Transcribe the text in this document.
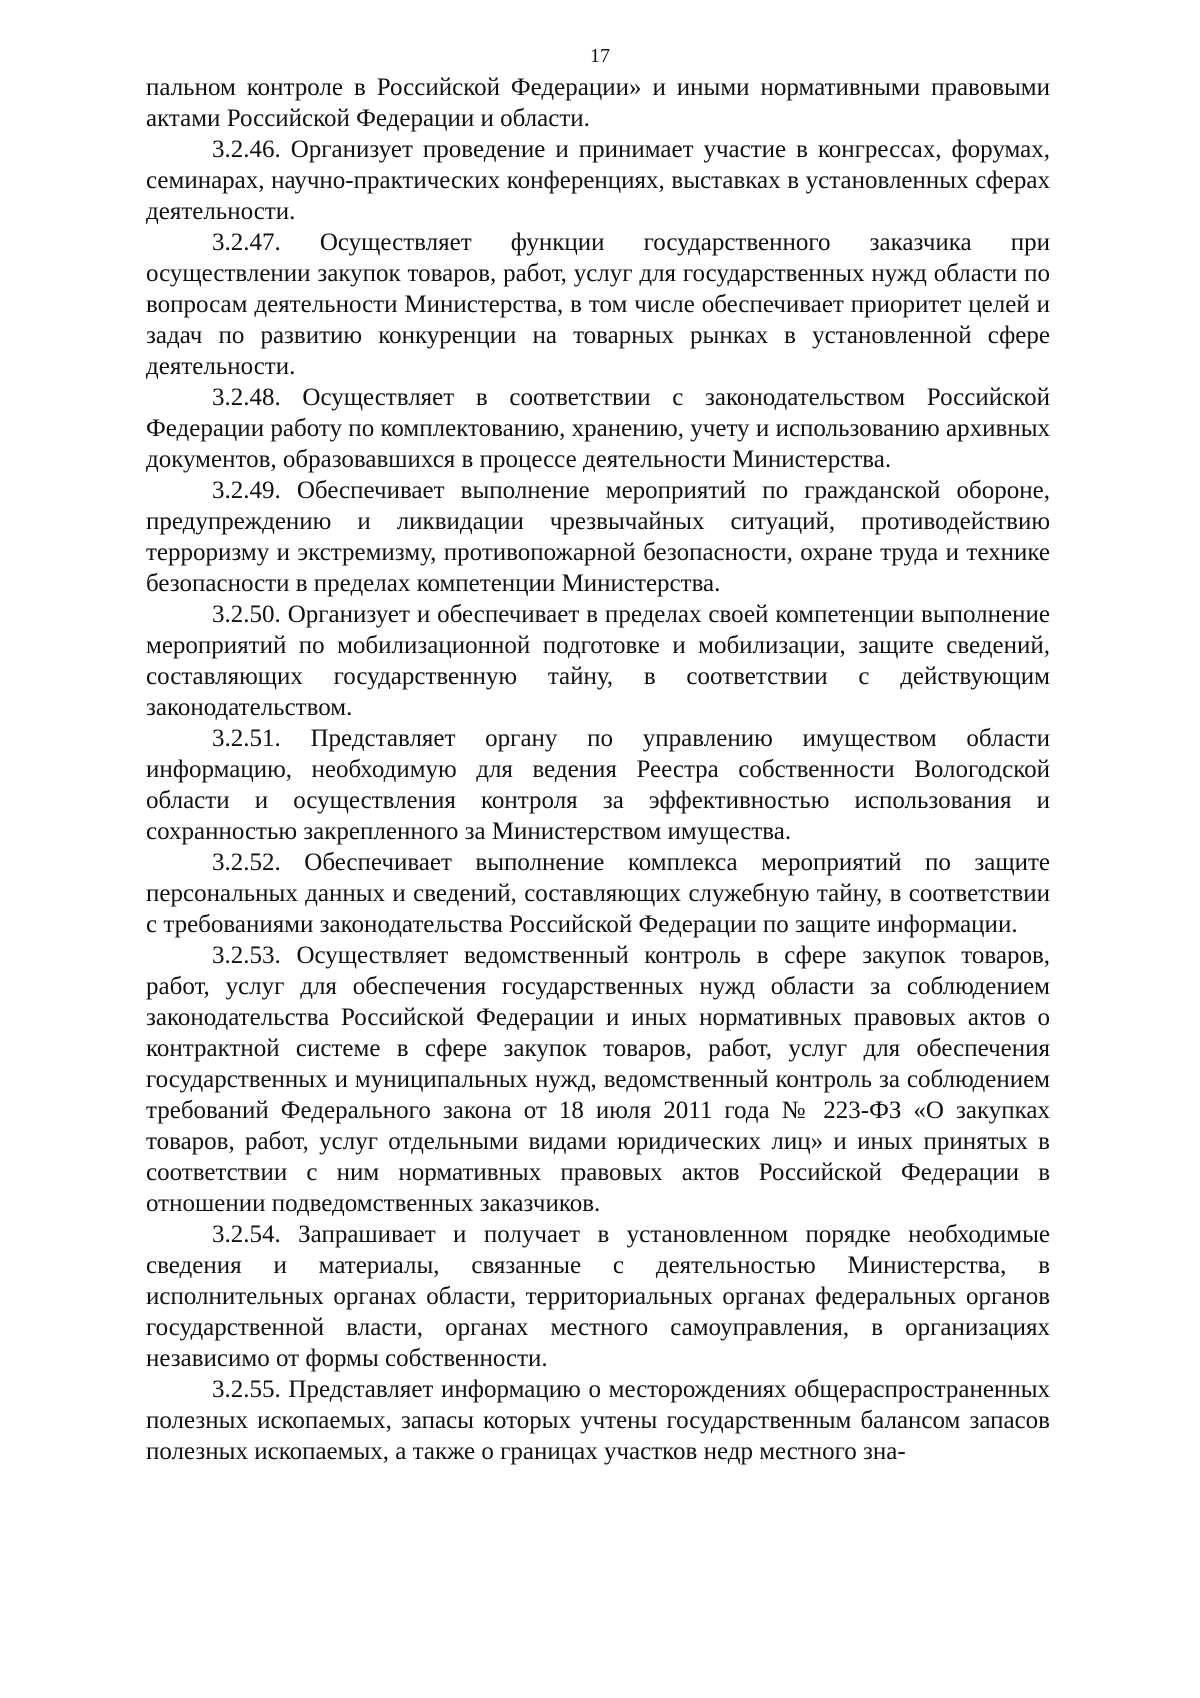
17

пальном контроле в Российской Федерации» и иными нормативными правовыми актами Российской Федерации и области.

3.2.46. Организует проведение и принимает участие в конгрессах, форумах, семинарах, научно-практических конференциях, выставках в установленных сферах деятельности.

3.2.47. Осуществляет функции государственного заказчика при осуществлении закупок товаров, работ, услуг для государственных нужд области по вопросам деятельности Министерства, в том числе обеспечивает приоритет целей и задач по развитию конкуренции на товарных рынках в установленной сфере деятельности.

3.2.48. Осуществляет в соответствии с законодательством Российской Федерации работу по комплектованию, хранению, учету и использованию архивных документов, образовавшихся в процессе деятельности Министерства.

3.2.49. Обеспечивает выполнение мероприятий по гражданской обороне, предупреждению и ликвидации чрезвычайных ситуаций, противодействию терроризму и экстремизму, противопожарной безопасности, охране труда и технике безопасности в пределах компетенции Министерства.

3.2.50. Организует и обеспечивает в пределах своей компетенции выполнение мероприятий по мобилизационной подготовке и мобилизации, защите сведений, составляющих государственную тайну, в соответствии с действующим законодательством.

3.2.51. Представляет органу по управлению имуществом области информацию, необходимую для ведения Реестра собственности Вологодской области и осуществления контроля за эффективностью использования и сохранностью закрепленного за Министерством имущества.

3.2.52. Обеспечивает выполнение комплекса мероприятий по защите персональных данных и сведений, составляющих служебную тайну, в соответствии с требованиями законодательства Российской Федерации по защите информации.

3.2.53. Осуществляет ведомственный контроль в сфере закупок товаров, работ, услуг для обеспечения государственных нужд области за соблюдением законодательства Российской Федерации и иных нормативных правовых актов о контрактной системе в сфере закупок товаров, работ, услуг для обеспечения государственных и муниципальных нужд, ведомственный контроль за соблюдением требований Федерального закона от 18 июля 2011 года № 223-ФЗ «О закупках товаров, работ, услуг отдельными видами юридических лиц» и иных принятых в соответствии с ним нормативных правовых актов Российской Федерации в отношении подведомственных заказчиков.

3.2.54. Запрашивает и получает в установленном порядке необходимые сведения и материалы, связанные с деятельностью Министерства, в исполнительных органах области, территориальных органах федеральных органов государственной власти, органах местного самоуправления, в организациях независимо от формы собственности.

3.2.55. Представляет информацию о месторождениях общераспространенных полезных ископаемых, запасы которых учтены государственным балансом запасов полезных ископаемых, а также о границах участков недр местного зна-
